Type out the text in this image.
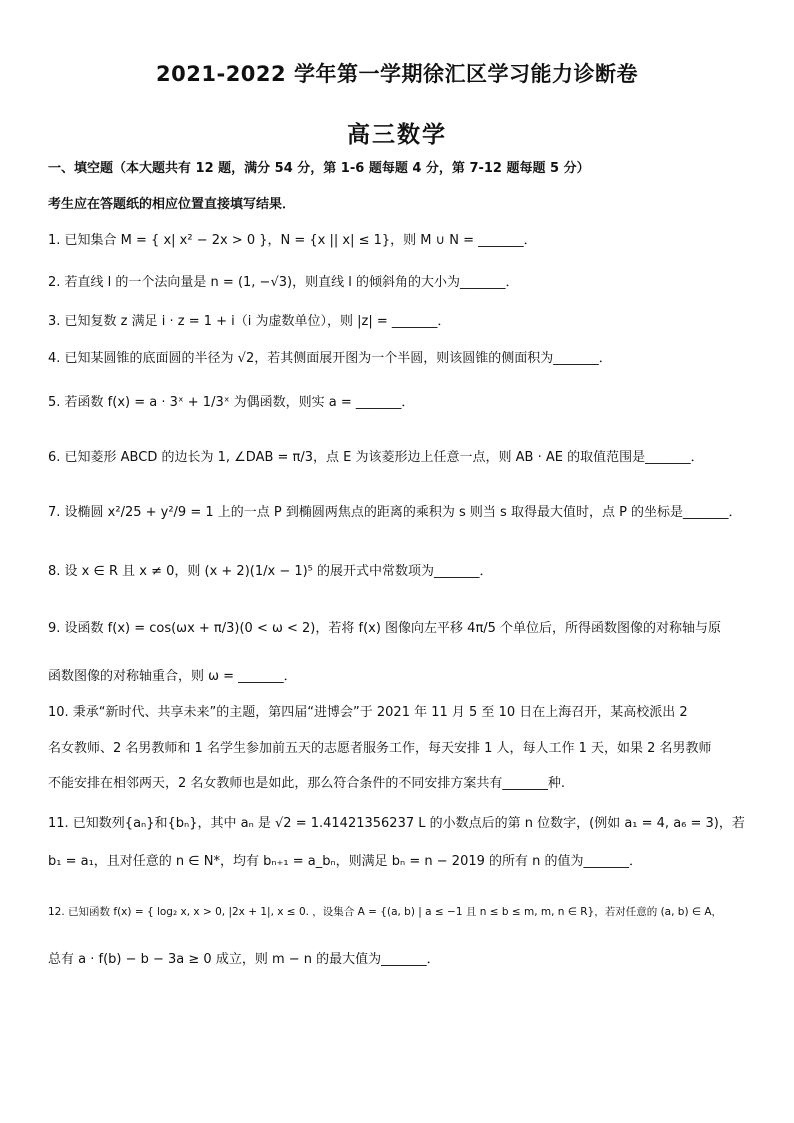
2021-2022 学年第一学期徐汇区学习能力诊断卷
高三数学
一、填空题（本大题共有 12 题，满分 54 分，第 1-6 题每题 4 分，第 7-12 题每题 5 分）
考生应在答题纸的相应位置直接填写结果．
1. 已知集合 M = { x| x² − 2x > 0 }，N = {x || x| ≤ 1}，则 M ∪ N = _______．
2. 若直线 l 的一个法向量是 n = (1, −√3)，则直线 l 的倾斜角的大小为_______．
3. 已知复数 z 满足 i · z = 1 + i（i 为虚数单位），则 |z| = _______．
4. 已知某圆锥的底面圆的半径为 √2，若其侧面展开图为一个半圆，则该圆锥的侧面积为_______．
5. 若函数 f(x) = a · 3ˣ + 1/3ˣ 为偶函数，则实 a = _______．
6. 已知菱形 ABCD 的边长为 1, ∠DAB = π/3，点 E 为该菱形边上任意一点，则 AB · AE 的取值范围是_______．
7. 设椭圆 x²/25 + y²/9 = 1 上的一点 P 到椭圆两焦点的距离的乘积为 s 则当 s 取得最大值时，点 P 的坐标是_______．
8. 设 x ∈ R 且 x ≠ 0，则 (x + 2)(1/x − 1)⁵ 的展开式中常数项为_______．
9. 设函数 f(x) = cos(ωx + π/3)(0 < ω < 2)，若将 f(x) 图像向左平移 4π/5 个单位后，所得函数图像的对称轴与原
函数图像的对称轴重合，则 ω = _______．
10. 秉承“新时代、共享未来”的主题，第四届“进博会”于 2021 年 11 月 5 至 10 日在上海召开，某高校派出 2
名女教师、2 名男教师和 1 名学生参加前五天的志愿者服务工作，每天安排 1 人，每人工作 1 天，如果 2 名男教师
不能安排在相邻两天，2 名女教师也是如此，那么符合条件的不同安排方案共有_______种.
11. 已知数列{aₙ}和{bₙ}，其中 aₙ 是 √2 = 1.41421356237 L 的小数点后的第 n 位数字，(例如 a₁ = 4, a₆ = 3)，若
b₁ = a₁，且对任意的 n ∈ N*，均有 bₙ₊₁ = a_bₙ，则满足 bₙ = n − 2019 的所有 n 的值为_______．
12. 已知函数 f(x) = { log₂ x, x > 0, |2x + 1|, x ≤ 0. ，设集合 A = {(a, b) | a ≤ −1 且 n ≤ b ≤ m, m, n ∈ R}，若对任意的 (a, b) ∈ A，
总有 a · f(b) − b − 3a ≥ 0 成立，则 m − n 的最大值为_______．
